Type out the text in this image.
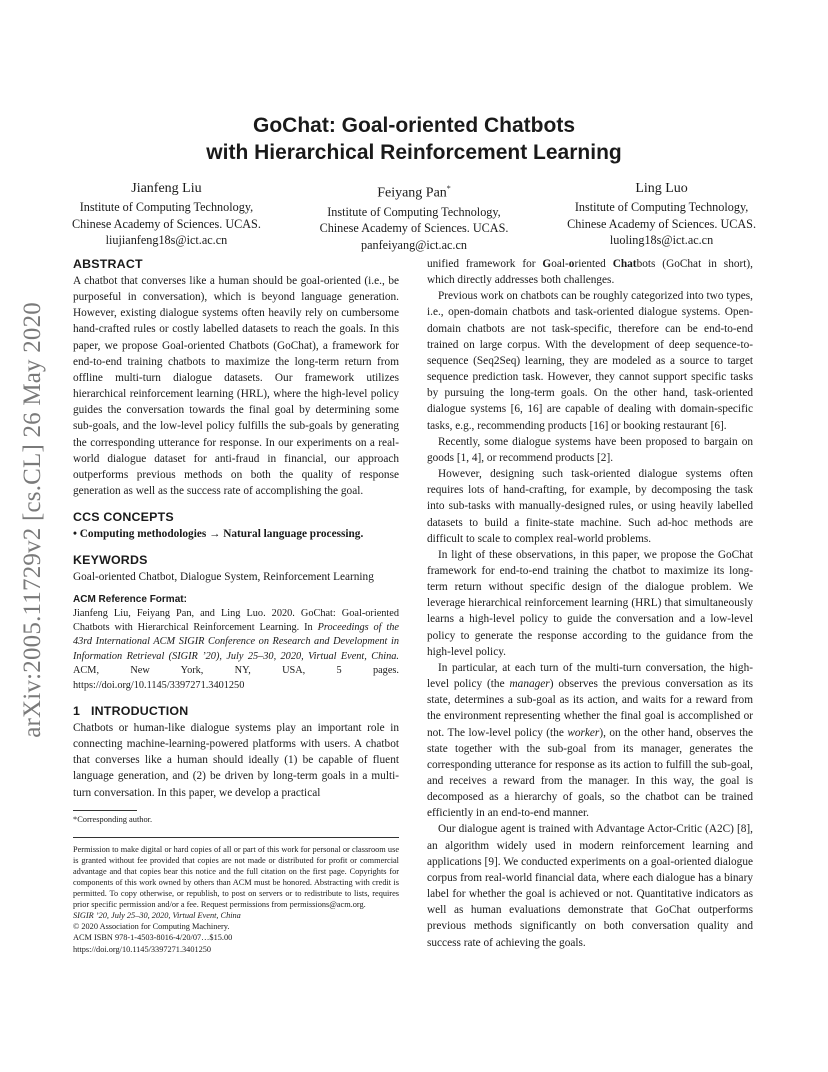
arXiv:2005.11729v2 [cs.CL] 26 May 2020
GoChat: Goal-oriented Chatbots
with Hierarchical Reinforcement Learning
Jianfeng Liu
Institute of Computing Technology,
Chinese Academy of Sciences. UCAS.
liujianfeng18s@ict.ac.cn
Feiyang Pan*
Institute of Computing Technology,
Chinese Academy of Sciences. UCAS.
panfeiyang@ict.ac.cn
Ling Luo
Institute of Computing Technology,
Chinese Academy of Sciences. UCAS.
luoling18s@ict.ac.cn
ABSTRACT

A chatbot that converses like a human should be goal-oriented (i.e., be purposeful in conversation), which is beyond language generation. However, existing dialogue systems often heavily rely on cumbersome hand-crafted rules or costly labelled datasets to reach the goals. In this paper, we propose Goal-oriented Chatbots (GoChat), a framework for end-to-end training chatbots to maximize the long-term return from offline multi-turn dialogue datasets. Our framework utilizes hierarchical reinforcement learning (HRL), where the high-level policy guides the conversation towards the final goal by determining some sub-goals, and the low-level policy fulfills the sub-goals by generating the corresponding utterance for response. In our experiments on a real-world dialogue dataset for anti-fraud in financial, our approach outperforms previous methods on both the quality of response generation as well as the success rate of accomplishing the goal.

CCS CONCEPTS

• Computing methodologies → Natural language processing.

KEYWORDS

Goal-oriented Chatbot, Dialogue System, Reinforcement Learning

ACM Reference Format:

Jianfeng Liu, Feiyang Pan, and Ling Luo. 2020. GoChat: Goal-oriented Chatbots with Hierarchical Reinforcement Learning. In Proceedings of the 43rd International ACM SIGIR Conference on Research and Development in Information Retrieval (SIGIR ’20), July 25–30, 2020, Virtual Event, China. ACM, New York, NY, USA, 5 pages. https://doi.org/10.1145/3397271.3401250

1   INTRODUCTION

Chatbots or human-like dialogue systems play an important role in connecting machine-learning-powered platforms with users. A chatbot that converses like a human should ideally (1) be capable of fluent language generation, and (2) be driven by long-term goals in a multi-turn conversation. In this paper, we develop a practical

*Corresponding author.

Permission to make digital or hard copies of all or part of this work for personal or classroom use is granted without fee provided that copies are not made or distributed for profit or commercial advantage and that copies bear this notice and the full citation on the first page. Copyrights for components of this work owned by others than ACM must be honored. Abstracting with credit is permitted. To copy otherwise, or republish, to post on servers or to redistribute to lists, requires prior specific permission and/or a fee. Request permissions from permissions@acm.org.

SIGIR ’20, July 25–30, 2020, Virtual Event, China
© 2020 Association for Computing Machinery.
ACM ISBN 978-1-4503-8016-4/20/07…$15.00
https://doi.org/10.1145/3397271.3401250

unified framework for Goal-oriented Chatbots (GoChat in short), which directly addresses both challenges.

Previous work on chatbots can be roughly categorized into two types, i.e., open-domain chatbots and task-oriented dialogue systems. Open-domain chatbots are not task-specific, therefore can be end-to-end trained on large corpus. With the development of deep sequence-to-sequence (Seq2Seq) learning, they are modeled as a source to target sequence prediction task. However, they cannot support specific tasks by pursuing the long-term goals. On the other hand, task-oriented dialogue systems [6, 16] are capable of dealing with domain-specific tasks, e.g., recommending products [16] or booking restaurant [6].

Recently, some dialogue systems have been proposed to bargain on goods [1, 4], or recommend products [2].

However, designing such task-oriented dialogue systems often requires lots of hand-crafting, for example, by decomposing the task into sub-tasks with manually-designed rules, or using heavily labelled datasets to build a finite-state machine. Such ad-hoc methods are difficult to scale to complex real-world problems.

In light of these observations, in this paper, we propose the GoChat framework for end-to-end training the chatbot to maximize its long-term return without specific design of the dialogue problem. We leverage hierarchical reinforcement learning (HRL) that simultaneously learns a high-level policy to guide the conversation and a low-level policy to generate the response according to the guidance from the high-level policy.

In particular, at each turn of the multi-turn conversation, the high-level policy (the manager) observes the previous conversation as its state, determines a sub-goal as its action, and waits for a reward from the environment representing whether the final goal is accomplished or not. The low-level policy (the worker), on the other hand, observes the state together with the sub-goal from its manager, generates the corresponding utterance for response as its action to fulfill the sub-goal, and receives a reward from the manager. In this way, the goal is decomposed as a hierarchy of goals, so the chatbot can be trained efficiently in an end-to-end manner.

Our dialogue agent is trained with Advantage Actor-Critic (A2C) [8], an algorithm widely used in modern reinforcement learning and applications [9]. We conducted experiments on a goal-oriented dialogue corpus from real-world financial data, where each dialogue has a binary label for whether the goal is achieved or not. Quantitative indicators as well as human evaluations demonstrate that GoChat outperforms previous methods significantly on both conversation quality and success rate of achieving the goals.
